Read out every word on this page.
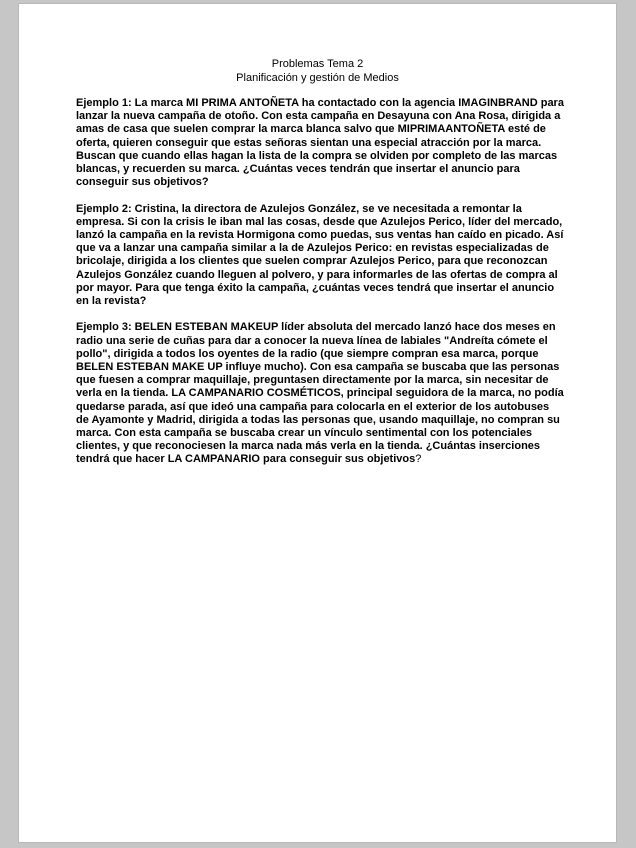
Problemas Tema 2
Planificación y gestión de Medios

Ejemplo 1: La marca MI PRIMA ANTOÑETA ha contactado con la agencia IMAGINBRAND para lanzar la nueva campaña de otoño. Con esta campaña en Desayuna con Ana Rosa, dirigida a amas de casa que suelen comprar la marca blanca salvo que MIPRIMAANTOÑETA esté de oferta, quieren conseguir que estas señoras sientan una especial atracción por la marca. Buscan que cuando ellas hagan la lista de la compra se olviden por completo de las marcas blancas, y recuerden su marca. ¿Cuántas veces tendrán que insertar el anuncio para conseguir sus objetivos?

Ejemplo 2: Cristina, la directora de Azulejos González, se ve necesitada a remontar la empresa. Si con la crisis le iban mal las cosas, desde que Azulejos Perico, líder del mercado, lanzó la campaña en la revista Hormigona como puedas, sus ventas han caído en picado. Así que va a lanzar una campaña similar a la de Azulejos Perico: en revistas especializadas de bricolaje, dirigida a los clientes que suelen comprar Azulejos Perico, para que reconozcan Azulejos González cuando lleguen al polvero, y para informarles de las ofertas de compra al por mayor. Para que tenga éxito la campaña, ¿cuántas veces tendrá que insertar el anuncio en la revista?

Ejemplo 3: BELEN ESTEBAN MAKEUP líder absoluta del mercado lanzó hace dos meses en radio una serie de cuñas para dar a conocer la nueva línea de labiales "Andreíta cómete el pollo", dirigida a todos los oyentes de la radio (que siempre compran esa marca, porque BELEN ESTEBAN MAKE UP influye mucho). Con esa campaña se buscaba que las personas que fuesen a comprar maquillaje, preguntasen directamente por la marca, sin necesitar de verla en la tienda. LA CAMPANARIO COSMÉTICOS, principal seguidora de la marca, no podía quedarse parada, así que ideó una campaña para colocarla en el exterior de los autobuses de Ayamonte y Madrid, dirigida a todas las personas que, usando maquillaje, no compran su marca. Con esta campaña se buscaba crear un vínculo sentimental con los potenciales clientes, y que reconociesen la marca nada más verla en la tienda. ¿Cuántas inserciones tendrá que hacer LA CAMPANARIO para conseguir sus objetivos?
